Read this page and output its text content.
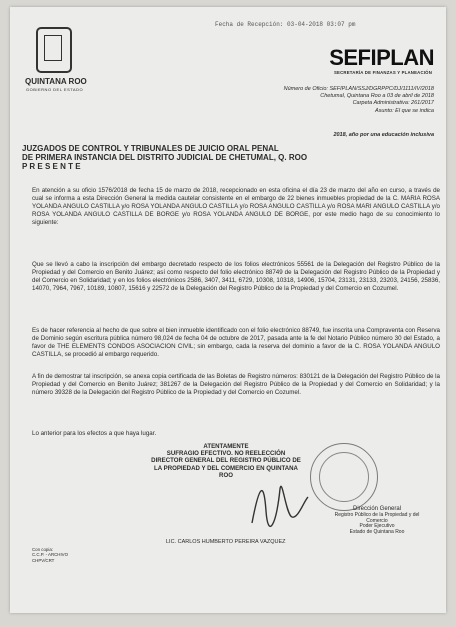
Fecha de Recepción: 03-04-2018 03:07 pm
QUINTANA ROO
GOBIERNO DEL ESTADO
SEFIPLAN
SECRETARÍA DE FINANZAS Y PLANEACIÓN
Número de Oficio: SEFIPLAN/SSJ/DGRPPC/DJ/1111/IV/2018
Chetumal, Quintana Roo a 03 de abril de 2018
Carpeta Administrativa: 261/2017
Asunto: El que se indica
2018, año por una educación inclusiva
JUZGADOS DE CONTROL Y TRIBUNALES DE JUICIO ORAL PENAL
DE PRIMERA INSTANCIA DEL DISTRITO JUDICIAL DE CHETUMAL, Q. ROO
P R E S E N T E
En atención a su oficio 1576/2018 de fecha 15 de marzo de 2018, recepcionado en esta oficina el día 23 de marzo del año en curso, a través de cual se informa a esta Dirección General la medida cautelar consistente en el embargo de 22 bienes inmuebles propiedad de la C. MARIA ROSA YOLANDA ANGULO CASTILLA y/o ROSA YOLANDA ANGULO CASTILLA y/o ROSA ANGULO CASTILLA y/o ROSA MARI ANGULO CASTILLA y/o ROSA YOLANDA ANGULO CASTILLA DE BORGE y/o ROSA YOLANDA ANGULO DE BORGE, por este medio hago de su conocimiento lo siguiente:
Que se llevó a cabo la inscripción del embargo decretado respecto de los folios electrónicos 55561 de la Delegación del Registro Público de la Propiedad y del Comercio en Benito Juárez; así como respecto del folio electrónico 88749 de la Delegación del Registro Público de la Propiedad y del Comercio en Solidaridad; y en los folios electrónicos 2586, 3407, 3411, 6729, 10308, 10318, 14906, 15704, 23131, 23133, 23203, 24156, 25836, 14070, 7964, 7967, 10189, 10807, 15616 y 22572 de la Delegación del Registro Público de la Propiedad y del Comercio en Cozumel.
Es de hacer referencia al hecho de que sobre el bien inmueble identificado con el folio electrónico 88749, fue inscrita una Compraventa con Reserva de Dominio según escritura pública número 98,024 de fecha 04 de octubre de 2017, pasada ante la fe del Notario Público número 30 del Estado, a favor de THE ELEMENTS CONDOS ASOCIACION CIVIL; sin embargo, cada la reserva del dominio a favor de la C. ROSA YOLANDA ANGULO CASTILLA, se procedió al embargo requerido.
A fin de demostrar tal inscripción, se anexa copia certificada de las Boletas de Registro números: 830121 de la Delegación del Registro Público de la Propiedad y del Comercio en Benito Juárez; 381267 de la Delegación del Registro Público de la Propiedad y del Comercio en Solidaridad; y la número 39328 de la Delegación del Registro Público de la Propiedad y del Comercio en Cozumel.
Lo anterior para los efectos a que haya lugar.
ATENTAMENTE
SUFRAGIO EFECTIVO. NO REELECCIÓN
DIRECTOR GENERAL DEL REGISTRO PÚBLICO DE
LA PROPIEDAD Y DEL COMERCIO EN QUINTANA
ROO
Dirección General
Registro Público de la Propiedad y del Comercio
Poder Ejecutivo
Estado de Quintana Roo
LIC. CARLOS HUMBERTO PEREIRA VAZQUEZ
Con copia:
C.C.P. - ARCHIVO
CHPV/CRT
